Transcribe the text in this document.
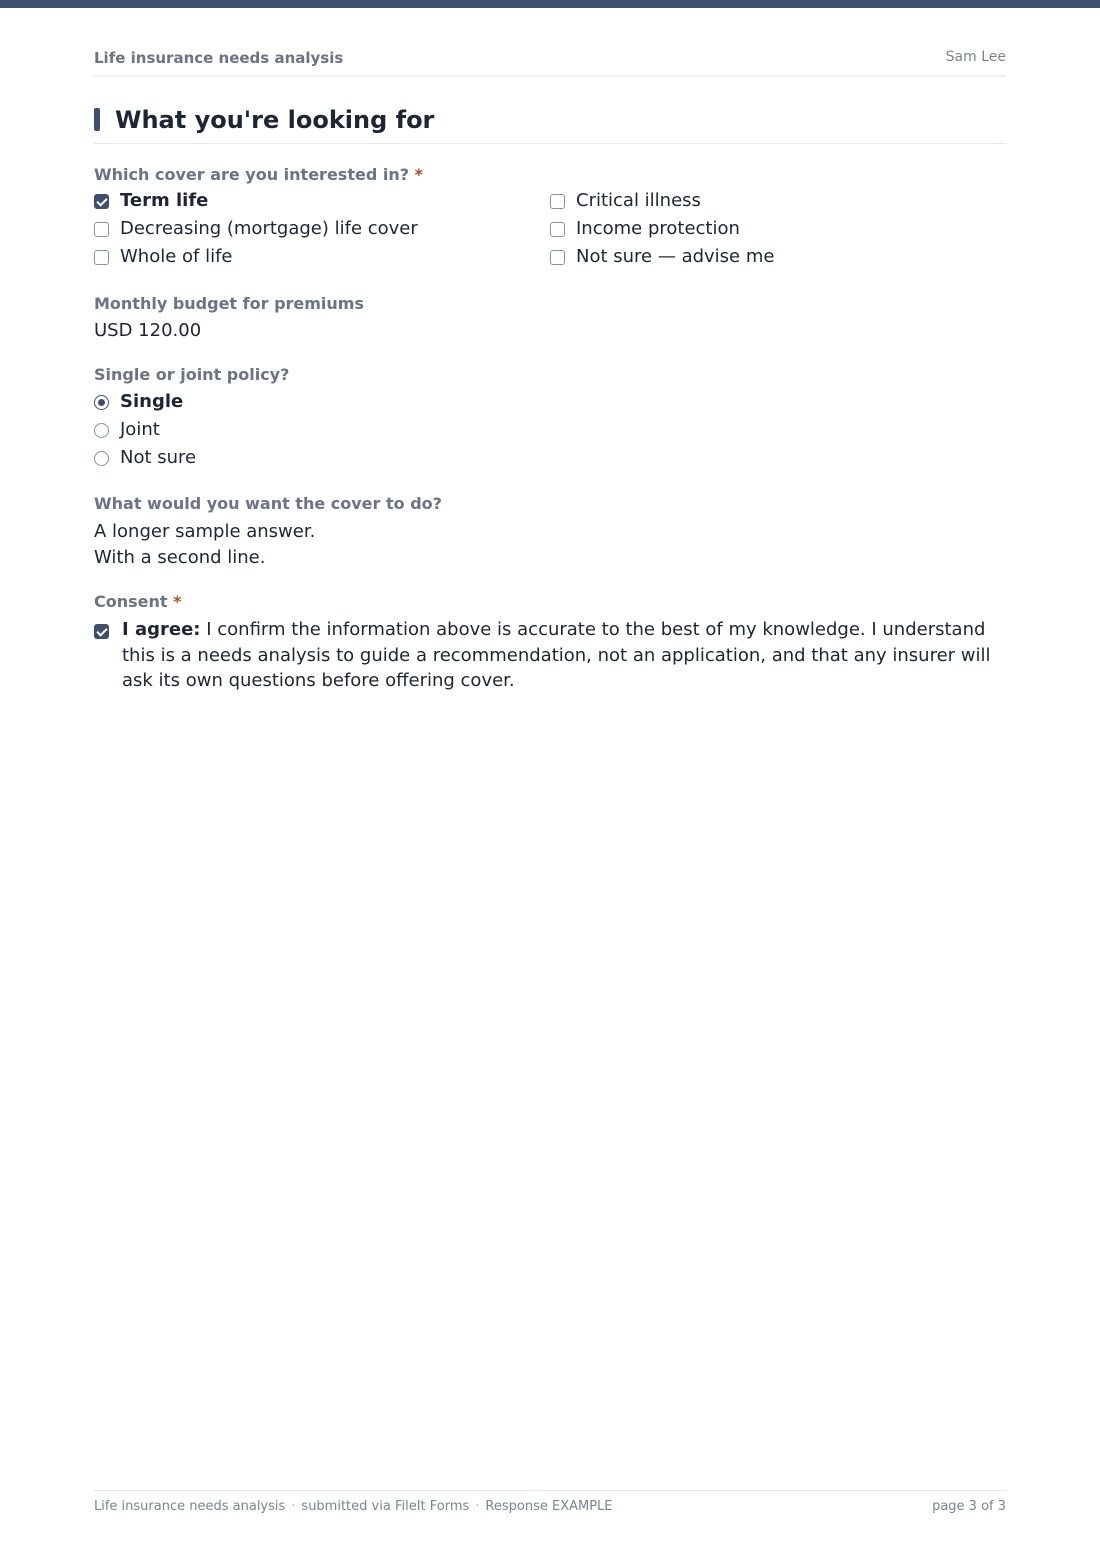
Life insurance needs analysis	Sam Lee
What you're looking for
Which cover are you interested in? *
Term life
Decreasing (mortgage) life cover
Whole of life
Critical illness
Income protection
Not sure — advise me
Monthly budget for premiums
USD 120.00
Single or joint policy?
Single
Joint
Not sure
What would you want the cover to do?
A longer sample answer.
With a second line.
Consent *
I agree: I confirm the information above is accurate to the best of my knowledge. I understand this is a needs analysis to guide a recommendation, not an application, and that any insurer will ask its own questions before offering cover.
Life insurance needs analysis · submitted via FileIt Forms · Response EXAMPLE	page 3 of 3
